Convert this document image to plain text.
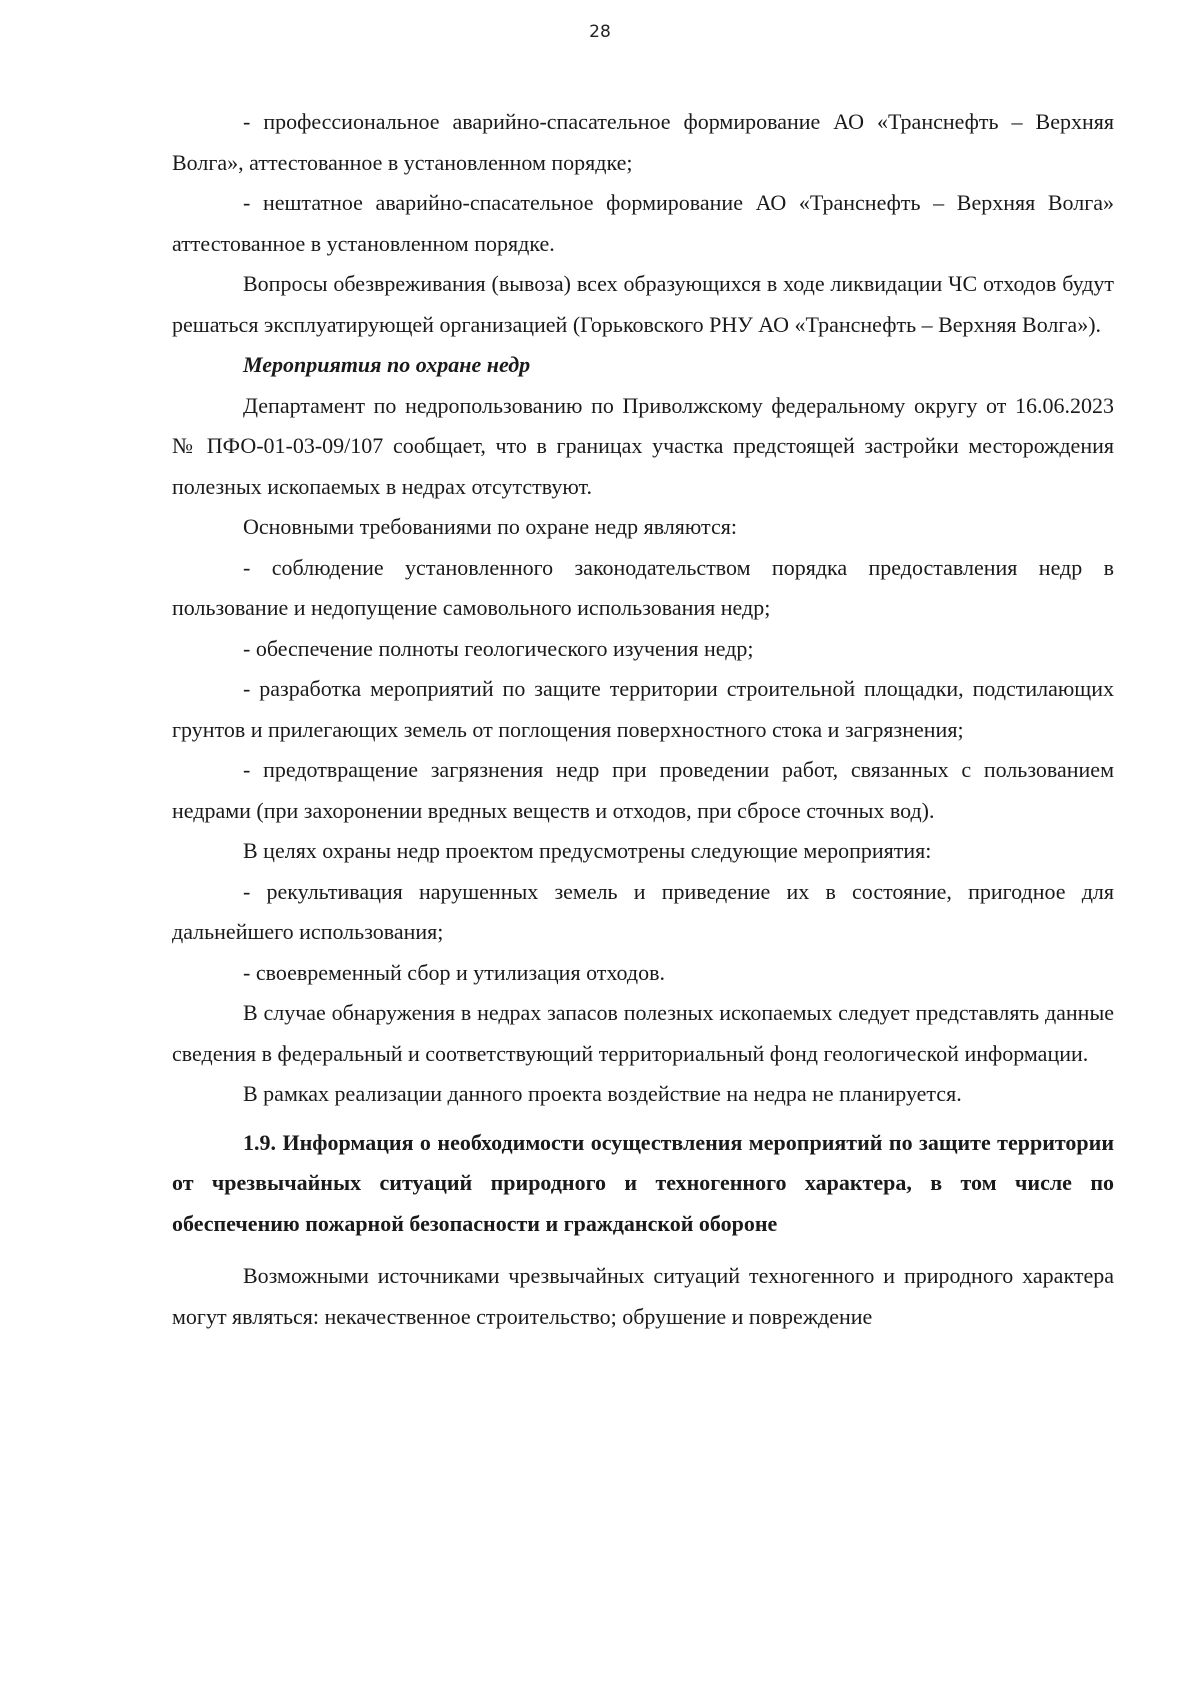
28

- профессиональное аварийно-спасательное формирование АО «Транснефть – Верхняя Волга», аттестованное в установленном порядке;

- нештатное аварийно-спасательное формирование АО «Транснефть – Верхняя Волга» аттестованное в установленном порядке.

Вопросы обезвреживания (вывоза) всех образующихся в ходе ликвидации ЧС отходов будут решаться эксплуатирующей организацией (Горьковского РНУ АО «Транснефть – Верхняя Волга»).

Мероприятия по охране недр

Департамент по недропользованию по Приволжскому федеральному округу от 16.06.2023 № ПФО-01-03-09/107 сообщает, что в границах участка предстоящей застройки месторождения полезных ископаемых в недрах отсутствуют.

Основными требованиями по охране недр являются:

- соблюдение установленного законодательством порядка предоставления недр в пользование и недопущение самовольного использования недр;

- обеспечение полноты геологического изучения недр;

- разработка мероприятий по защите территории строительной площадки, подстилающих грунтов и прилегающих земель от поглощения поверхностного стока и загрязнения;

- предотвращение загрязнения недр при проведении работ, связанных с пользованием недрами (при захоронении вредных веществ и отходов, при сбросе сточных вод).

В целях охраны недр проектом предусмотрены следующие мероприятия:

- рекультивация нарушенных земель и приведение их в состояние, пригодное для дальнейшего использования;

- своевременный сбор и утилизация отходов.

В случае обнаружения в недрах запасов полезных ископаемых следует представлять данные сведения в федеральный и соответствующий территориальный фонд геологической информации.

В рамках реализации данного проекта воздействие на недра не планируется.

1.9. Информация о необходимости осуществления мероприятий по защите территории от чрезвычайных ситуаций природного и техногенного характера, в том числе по обеспечению пожарной безопасности и гражданской обороне

Возможными источниками чрезвычайных ситуаций техногенного и природного характера могут являться: некачественное строительство; обрушение и повреждение
